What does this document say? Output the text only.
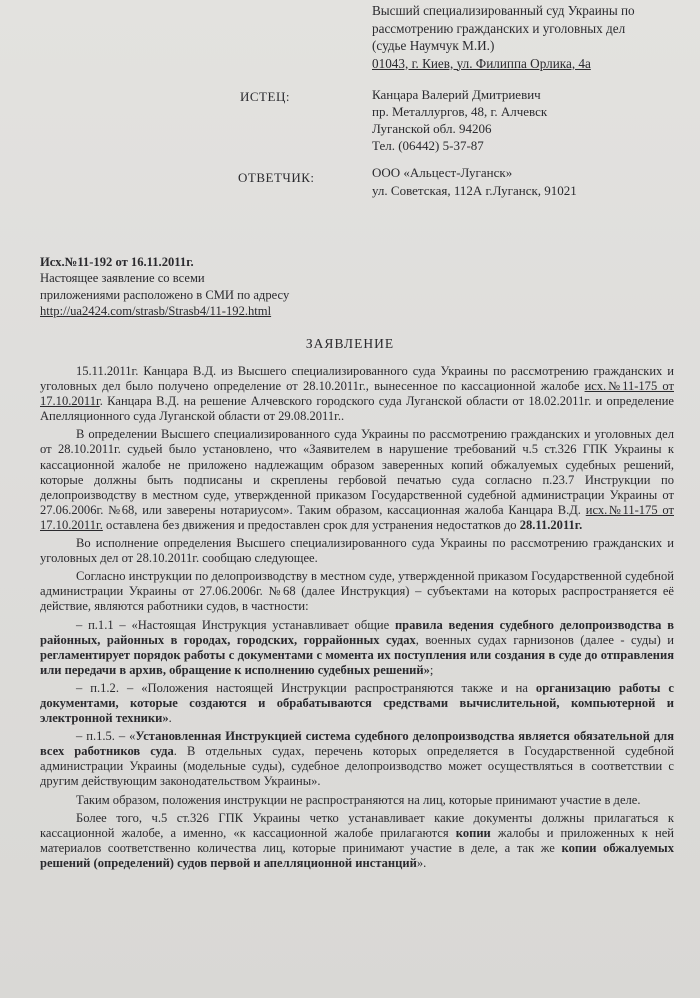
Высший специализированный суд Украины по
рассмотрению гражданских и уголовных дел
(судье Наумчук М.И.)
01043, г. Киев, ул. Филиппа Орлика, 4а
ИСТЕЦ:	Канцара Валерий Дмитриевич
пр. Металлургов, 48, г. Алчевск
Луганской обл. 94206
Тел. (06442) 5-37-87
ОТВЕТЧИК:	ООО «Альцест-Луганск»
ул. Советская, 112А г.Луганск, 91021
Исх.№11-192 от 16.11.2011г.
Настоящее заявление со всеми
приложениями расположено в СМИ по адресу
http://ua2424.com/strasb/Strasb4/11-192.html
ЗАЯВЛЕНИЕ

15.11.2011г. Канцара В.Д. из Высшего специализированного суда Украины по рассмотрению гражданских и уголовных дел было получено определение от 28.10.2011г., вынесенное по кассационной жалобе исх.№11-175 от 17.10.2011г. Канцара В.Д. на решение Алчевского городского суда Луганской области от 18.02.2011г. и определение Апелляционного суда Луганской области от 29.08.2011г..

В определении Высшего специализированного суда Украины по рассмотрению гражданских и уголовных дел от 28.10.2011г. судьей было установлено, что «Заявителем в нарушение требований ч.5 ст.326 ГПК Украины к кассационной жалобе не приложено надлежащим образом заверенных копий обжалуемых судебных решений, которые должны быть подписаны и скреплены гербовой печатью суда согласно п.23.7 Инструкции по делопроизводству в местном суде, утвержденной приказом Государственной судебной администрации Украины от 27.06.2006г. №68, или заверены нотариусом». Таким образом, кассационная жалоба Канцара В.Д. исх.№11-175 от 17.10.2011г. оставлена без движения и предоставлен срок для устранения недостатков до 28.11.2011г.

Во исполнение определения Высшего специализированного суда Украины по рассмотрению гражданских и уголовных дел от 28.10.2011г. сообщаю следующее.

Согласно инструкции по делопроизводству в местном суде, утвержденной приказом Государственной судебной администрации Украины от 27.06.2006г. №68 (далее Инструкция) – субъектами на которых распространяется её действие, являются работники судов, в частности:

– п.1.1 – «Настоящая Инструкция устанавливает общие правила ведения судебного делопроизводства в районных, районных в городах, городских, горрайонных судах, военных судах гарнизонов (далее - суды) и регламентирует порядок работы с документами с момента их поступления или создания в суде до отправления или передачи в архив, обращение к исполнению судебных решений»;

– п.1.2. – «Положения настоящей Инструкции распространяются также и на организацию работы с документами, которые создаются и обрабатываются средствами вычислительной, компьютерной и электронной техники».

– п.1.5. – «Установленная Инструкцией система судебного делопроизводства является обязательной для всех работников суда. В отдельных судах, перечень которых определяется в Государственной судебной администрации Украины (модельные суды), судебное делопроизводство может осуществляться в соответствии с другим действующим законодательством Украины».

Таким образом, положения инструкции не распространяются на лиц, которые принимают участие в деле.

Более того, ч.5 ст.326 ГПК Украины четко устанавливает какие документы должны прилагаться к кассационной жалобе, а именно, «к кассационной жалобе прилагаются копии жалобы и приложенных к ней материалов соответственно количества лиц, которые принимают участие в деле, а так же копии обжалуемых решений (определений) судов первой и апелляционной инстанций».
